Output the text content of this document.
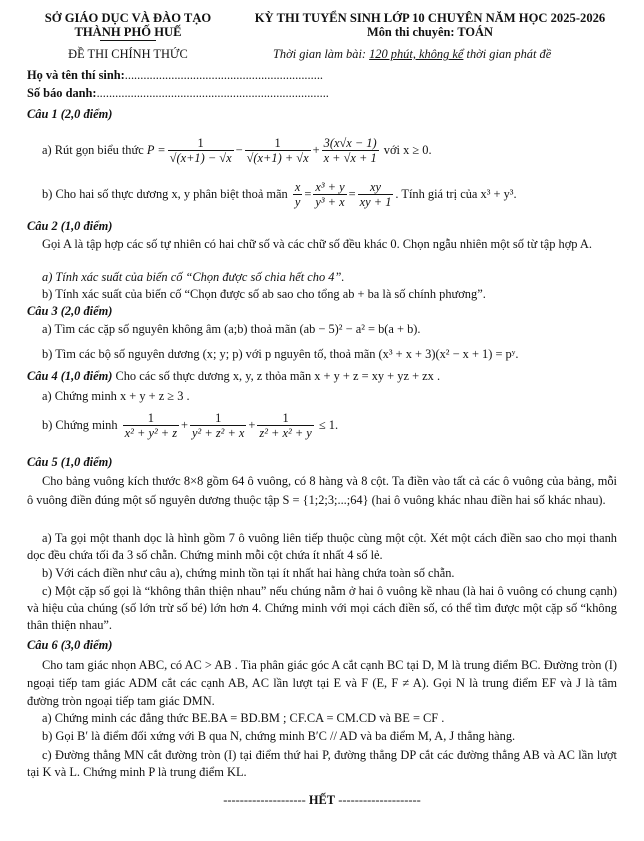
SỞ GIÁO DỤC VÀ ĐÀO TẠO
THÀNH PHỐ HUẾ
ĐỀ THI CHÍNH THỨC
KỲ THI TUYỂN SINH LỚP 10 CHUYÊN NĂM HỌC 2025-2026
Môn thi chuyên: TOÁN
Thời gian làm bài: 120 phút, không kể thời gian phát đề
Họ và tên thí sinh:................................................................
Số báo danh:...........................................................................
Câu 1 (2,0 điểm)
a)
Rút gọn biểu thức
$P = \frac{1}{√(x+1) - √x} - \frac{1}{√(x+1) + √x} + \frac{3(x√x - 1)}{x + √x + 1}$
với x ≥ 0.
b)
Cho hai số thực dương x, y phân biệt thoả mãn
$\frac{x}{y} = \frac{\text{x³ + y}}{\text{y³ + x}} = \frac{xy}{xy + 1}$ . Tính giá trị của x³ + y³.
Câu 2 (1,0 điểm)
Gọi A là tập hợp các số tự nhiên có hai chữ số và các chữ số đều khác 0. Chọn ngẫu nhiên một số từ tập hợp A.
a) Tính xác suất của biến cố “Chọn được số chia hết cho 4”.
b) Tính xác suất của biến cố “Chọn được số ab sao cho tổng ab + ba là số chính phương”.
Câu 3 (2,0 điểm)
a) Tìm các cặp số nguyên không âm (a;b) thoả mãn (ab − 5)² − a² = b(a + b).
b) Tìm các bộ số nguyên dương (x; y; p) với p nguyên tố, thoả mãn (x³ + x + 3)(x² − x + 1) = pʸ.
Câu 4 (1,0 điểm) Cho các số thực dương x, y, z thỏa mãn x + y + z = xy + yz + zx .
a) Chứng minh x + y + z ≥ 3 .
b) Chứng minh
$\frac{1}{\text{x² + y² + z}} + \frac{1}{\text{y² + z² + x}} + \frac{1}{\text{z² + x² + y}}$
≤ 1.
Câu 5 (1,0 điểm)
Cho bảng vuông kích thước 8×8 gồm 64 ô vuông, có 8 hàng và 8 cột. Ta điền vào tất cả các ô vuông của bảng, mỗi ô vuông điền đúng một số nguyên dương thuộc tập S = {1;2;3;...;64} (hai ô vuông khác nhau điền hai số khác nhau).
a) Ta gọi một thanh dọc là hình gồm 7 ô vuông liên tiếp thuộc cùng một cột. Xét một cách điền sao cho mọi thanh dọc đều chứa tối đa 3 số chẵn. Chứng minh mỗi cột chứa ít nhất 4 số lẻ.
b) Với cách điền như câu a), chứng minh tồn tại ít nhất hai hàng chứa toàn số chẵn.
c) Một cặp số gọi là “không thân thiện nhau” nếu chúng nằm ở hai ô vuông kề nhau (là hai ô vuông có chung cạnh) và hiệu của chúng (số lớn trừ số bé) lớn hơn 4. Chứng minh với mọi cách điền số, có thể tìm được một cặp số “không thân thiện nhau”.
Câu 6 (3,0 điểm)
Cho tam giác nhọn ABC, có AC > AB . Tia phân giác góc A cắt cạnh BC tại D, M là trung điểm BC. Đường tròn (I) ngoại tiếp tam giác ADM cắt các cạnh AB, AC lần lượt tại E và F (E, F ≠ A). Gọi N là trung điểm EF và J là tâm đường tròn ngoại tiếp tam giác DMN.
a) Chứng minh các đẳng thức BE.BA = BD.BM ; CF.CA = CM.CD và BE = CF .
b) Gọi B′ là điểm đối xứng với B qua N, chứng minh B′C // AD và ba điểm M, A, J thẳng hàng.
c) Đường thẳng MN cắt đường tròn (I) tại điểm thứ hai P, đường thẳng DP cắt các đường thẳng AB và AC lần lượt tại K và L. Chứng minh P là trung điểm KL.
-------------------- HẾT --------------------
